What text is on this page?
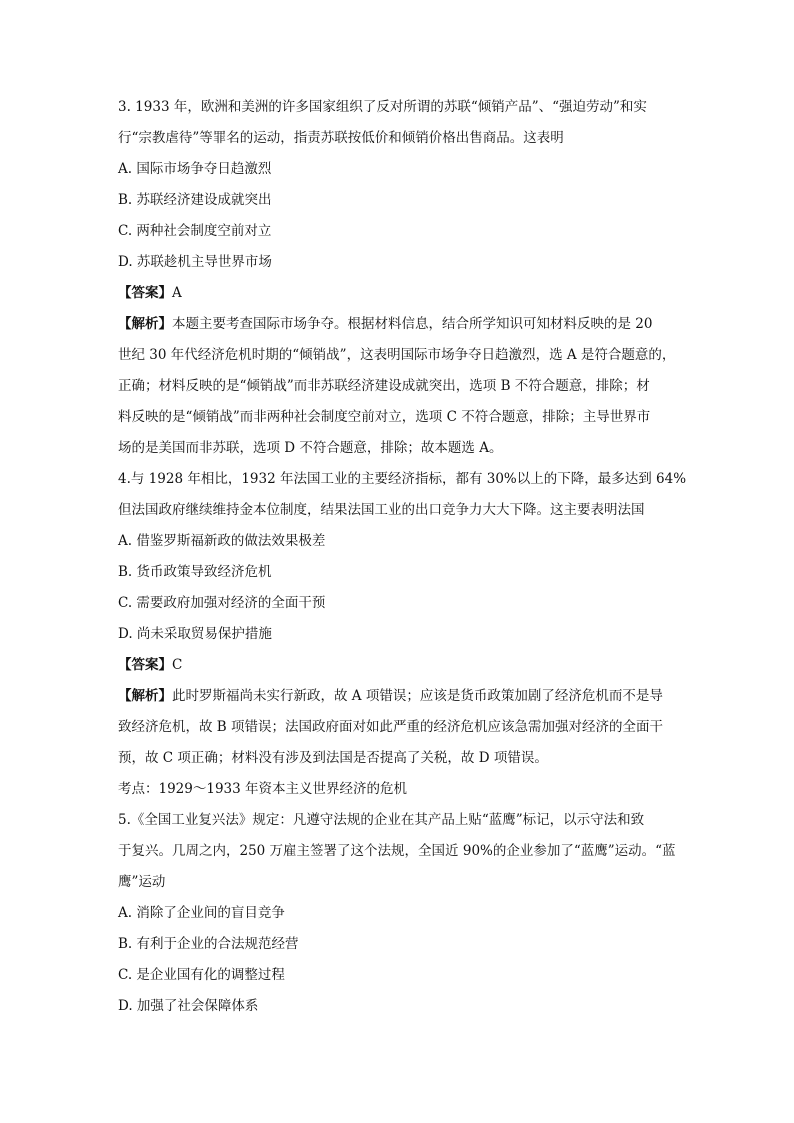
3. 1933 年，欧洲和美洲的许多国家组织了反对所谓的苏联“倾销产品”、“强迫劳动”和实
行“宗教虐待”等罪名的运动，指责苏联按低价和倾销价格出售商品。这表明
A. 国际市场争夺日趋激烈
B. 苏联经济建设成就突出
C. 两种社会制度空前对立
D. 苏联趁机主导世界市场
【答案】A
【解析】本题主要考查国际市场争夺。根据材料信息，结合所学知识可知材料反映的是 20
世纪 30 年代经济危机时期的“倾销战”，这表明国际市场争夺日趋激烈，选 A 是符合题意的，
正确；材料反映的是“倾销战”而非苏联经济建设成就突出，选项 B 不符合题意，排除；材
料反映的是“倾销战”而非两种社会制度空前对立，选项 C 不符合题意，排除；主导世界市
场的是美国而非苏联，选项 D 不符合题意，排除；故本题选 A。
4.与 1928 年相比，1932 年法国工业的主要经济指标，都有 30%以上的下降，最多达到 64%
但法国政府继续维持金本位制度，结果法国工业的出口竞争力大大下降。这主要表明法国
A. 借鉴罗斯福新政的做法效果极差
B. 货币政策导致经济危机
C. 需要政府加强对经济的全面干预
D. 尚未采取贸易保护措施
【答案】C
【解析】此时罗斯福尚未实行新政，故 A 项错误；应该是货币政策加剧了经济危机而不是导
致经济危机，故 B 项错误；法国政府面对如此严重的经济危机应该急需加强对经济的全面干
预，故 C 项正确；材料没有涉及到法国是否提高了关税，故 D 项错误。
考点：1929～1933 年资本主义世界经济的危机
5.《全国工业复兴法》规定：凡遵守法规的企业在其产品上贴“蓝鹰”标记，以示守法和致
于复兴。几周之内，250 万雇主签署了这个法规，全国近 90%的企业参加了“蓝鹰”运动。“蓝
鹰”运动
A. 消除了企业间的盲目竞争
B. 有利于企业的合法规范经营
C. 是企业国有化的调整过程
D. 加强了社会保障体系
